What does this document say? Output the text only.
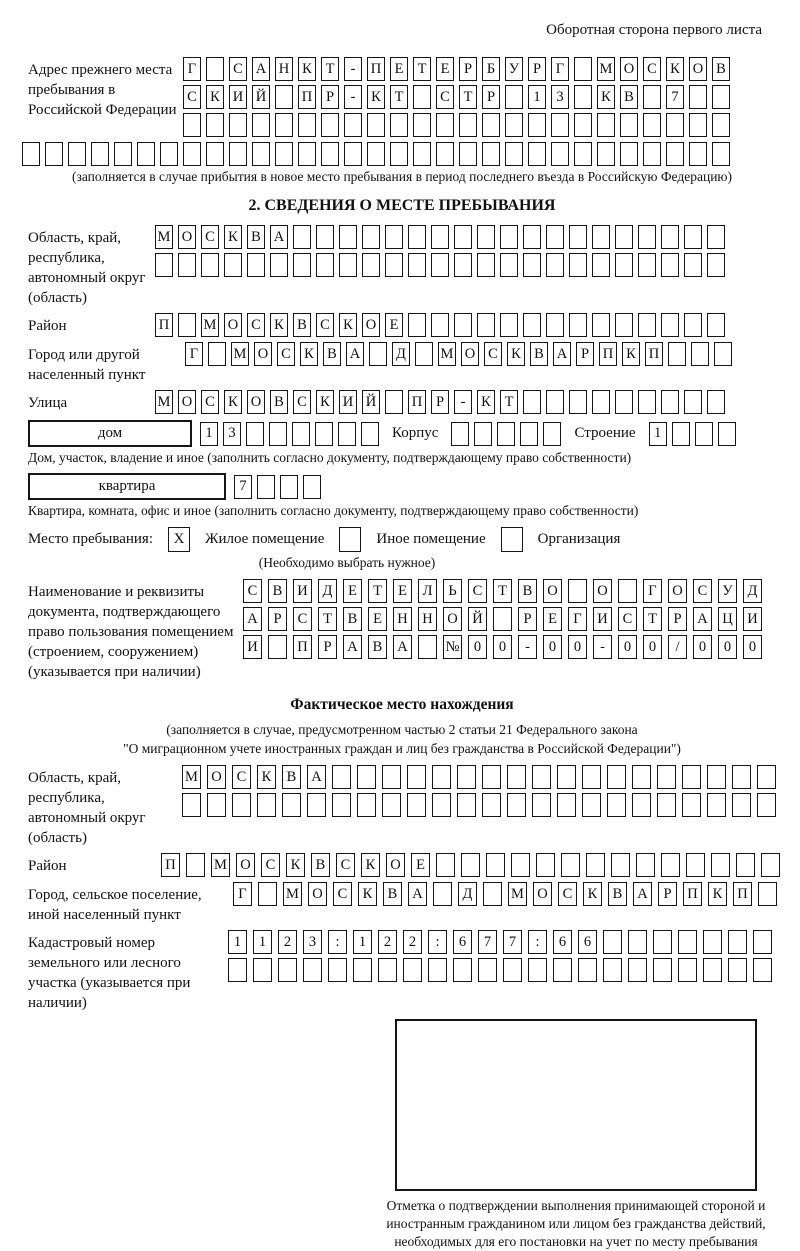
Оборотная сторона первого листа
Адрес прежнего места пребывания в Российской Федерации
Г	С А Н К Т	-	П Е Т Е	Р	Б У Р	Г	М О С К О В
С К И Й П Р	-	К Т	С Т	Р	1	3	К В	7
(заполняется в случае прибытия в новое место пребывания в период последнего въезда в Российскую Федерацию)
2. СВЕДЕНИЯ О МЕСТЕ ПРЕБЫВАНИЯ
Область, край, республика, автономный округ (область)
М О С К В А
Район	П М О С К В С К О Е
Город или другой населенный пункт
Г	М О С К В А Д М О С К В А Р П К П
Улица	М О С К О В С К И Й П Р	-	К Т
дом	1	3	Корпус	Строение	1
Дом, участок, владение и иное (заполнить согласно документу, подтверждающему право собственности)
квартира	7
Квартира, комната, офис и иное (заполнить согласно документу, подтверждающему право собственности)
Место пребывания:	X	Жилое помещение	Иное помещение	Организация
(Необходимо выбрать нужное)
Наименование и реквизиты документа, подтверждающего право пользования помещением (строением, сооружением) (указывается при наличии)
С	В	И	Д	Е	Т	Е	Л	Ь	С	Т	В	О	О	Г	О	С	У	Д
А	Р	С	Т	В	Е	Н Н О Й	Р	Е	Г	И	С	Т	Р	А Ц И
И	П	Р	А	В	А	№ 0	0	-	0	0	-	0	0	/	0	0	0
Фактическое место нахождения
(заполняется в случае, предусмотренном частью 2 статьи 21 Федерального закона
"О миграционном учете иностранных граждан и лиц без гражданства в Российской Федерации")
Область, край, республика, автономный округ (область)
М О	С	К	В	А
Район	П	М О	С	К	В	С	К	О	Е
Город, сельское поселение, иной населенный пункт
Г	М О	С	К	В	А	Д	М О	С	К	В	А	Р	П	К	П
Кадастровый номер земельного или лесного участка (указывается при наличии)
1	1	2	3	:	1	2	2	:	6	7	7	:	6	6
Отметка о подтверждении выполнения принимающей стороной и иностранным гражданином или лицом без гражданства действий, необходимых для его постановки на учет по месту пребывания
